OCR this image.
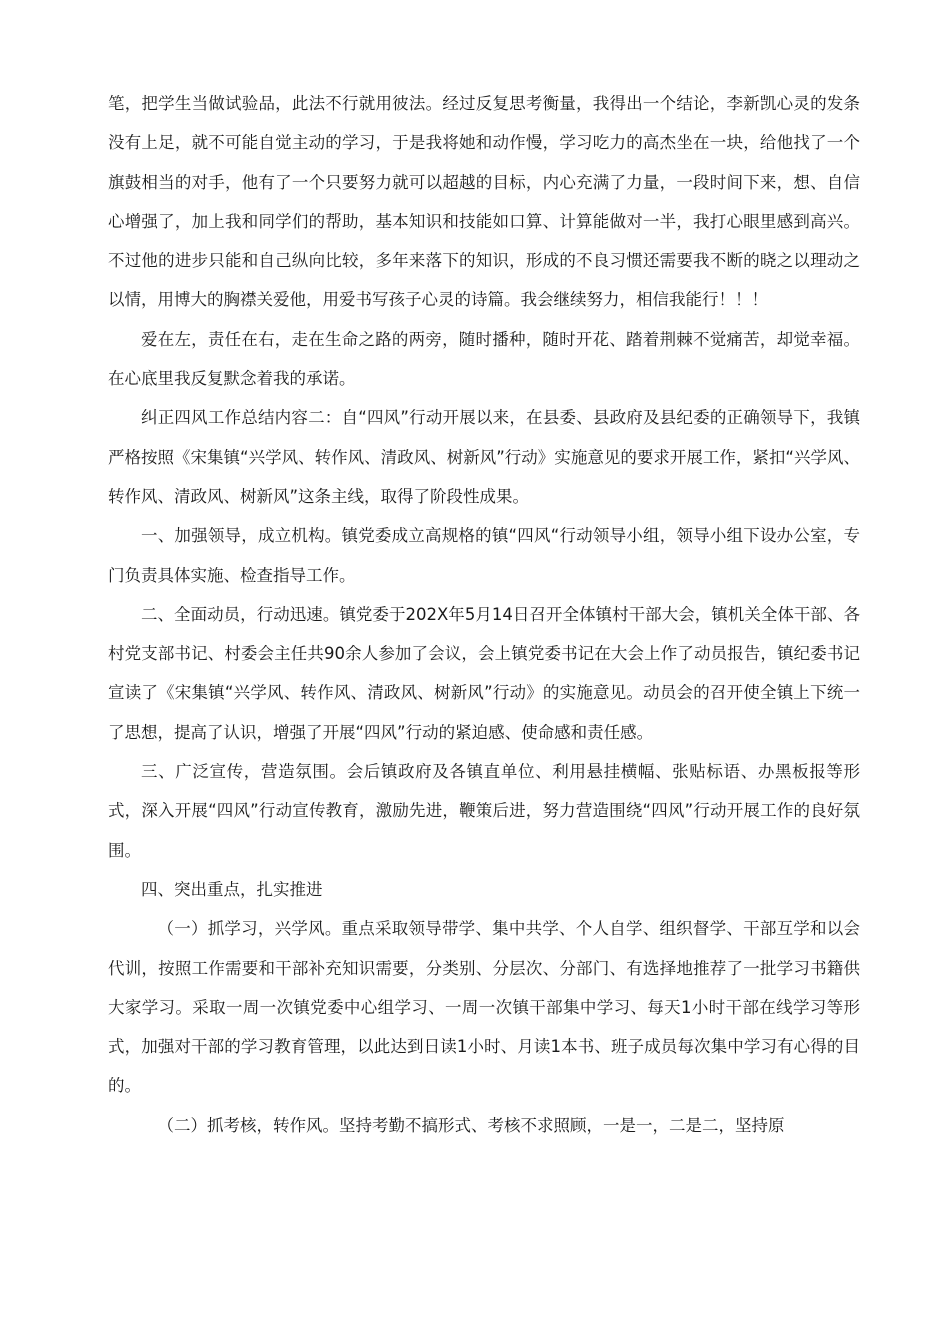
笔，把学生当做试验品，此法不行就用彼法。经过反复思考衡量，我得出一个结论，李新凯心灵的发条没有上足，就不可能自觉主动的学习，于是我将她和动作慢，学习吃力的高杰坐在一块，给他找了一个旗鼓相当的对手，他有了一个只要努力就可以超越的目标，内心充满了力量，一段时间下来，想、自信心增强了，加上我和同学们的帮助，基本知识和技能如口算、计算能做对一半，我打心眼里感到高兴。不过他的进步只能和自己纵向比较，多年来落下的知识，形成的不良习惯还需要我不断的晓之以理动之以情，用博大的胸襟关爱他，用爱书写孩子心灵的诗篇。我会继续努力，相信我能行！！！

爱在左，责任在右，走在生命之路的两旁，随时播种，随时开花、踏着荆棘不觉痛苦，却觉幸福。在心底里我反复默念着我的承诺。

纠正四风工作总结内容二：自“四风”行动开展以来，在县委、县政府及县纪委的正确领导下，我镇严格按照《宋集镇“兴学风、转作风、清政风、树新风”行动》实施意见的要求开展工作，紧扣“兴学风、转作风、清政风、树新风”这条主线，取得了阶段性成果。

一、加强领导，成立机构。镇党委成立高规格的镇“四风“行动领导小组，领导小组下设办公室，专门负责具体实施、检查指导工作。

二、全面动员，行动迅速。镇党委于202X年5月14日召开全体镇村干部大会，镇机关全体干部、各村党支部书记、村委会主任共90余人参加了会议，会上镇党委书记在大会上作了动员报告，镇纪委书记宣读了《宋集镇“兴学风、转作风、清政风、树新风”行动》的实施意见。动员会的召开使全镇上下统一了思想，提高了认识，增强了开展“四风”行动的紧迫感、使命感和责任感。

三、广泛宣传，营造氛围。会后镇政府及各镇直单位、利用悬挂横幅、张贴标语、办黑板报等形式，深入开展“四风”行动宣传教育，激励先进，鞭策后进，努力营造围绕“四风”行动开展工作的良好氛围。

四、突出重点，扎实推进

（一）抓学习，兴学风。重点采取领导带学、集中共学、个人自学、组织督学、干部互学和以会代训，按照工作需要和干部补充知识需要，分类别、分层次、分部门、有选择地推荐了一批学习书籍供大家学习。采取一周一次镇党委中心组学习、一周一次镇干部集中学习、每天1小时干部在线学习等形式，加强对干部的学习教育管理，以此达到日读1小时、月读1本书、班子成员每次集中学习有心得的目的。

（二）抓考核，转作风。坚持考勤不搞形式、考核不求照顾，一是一，二是二，坚持原
